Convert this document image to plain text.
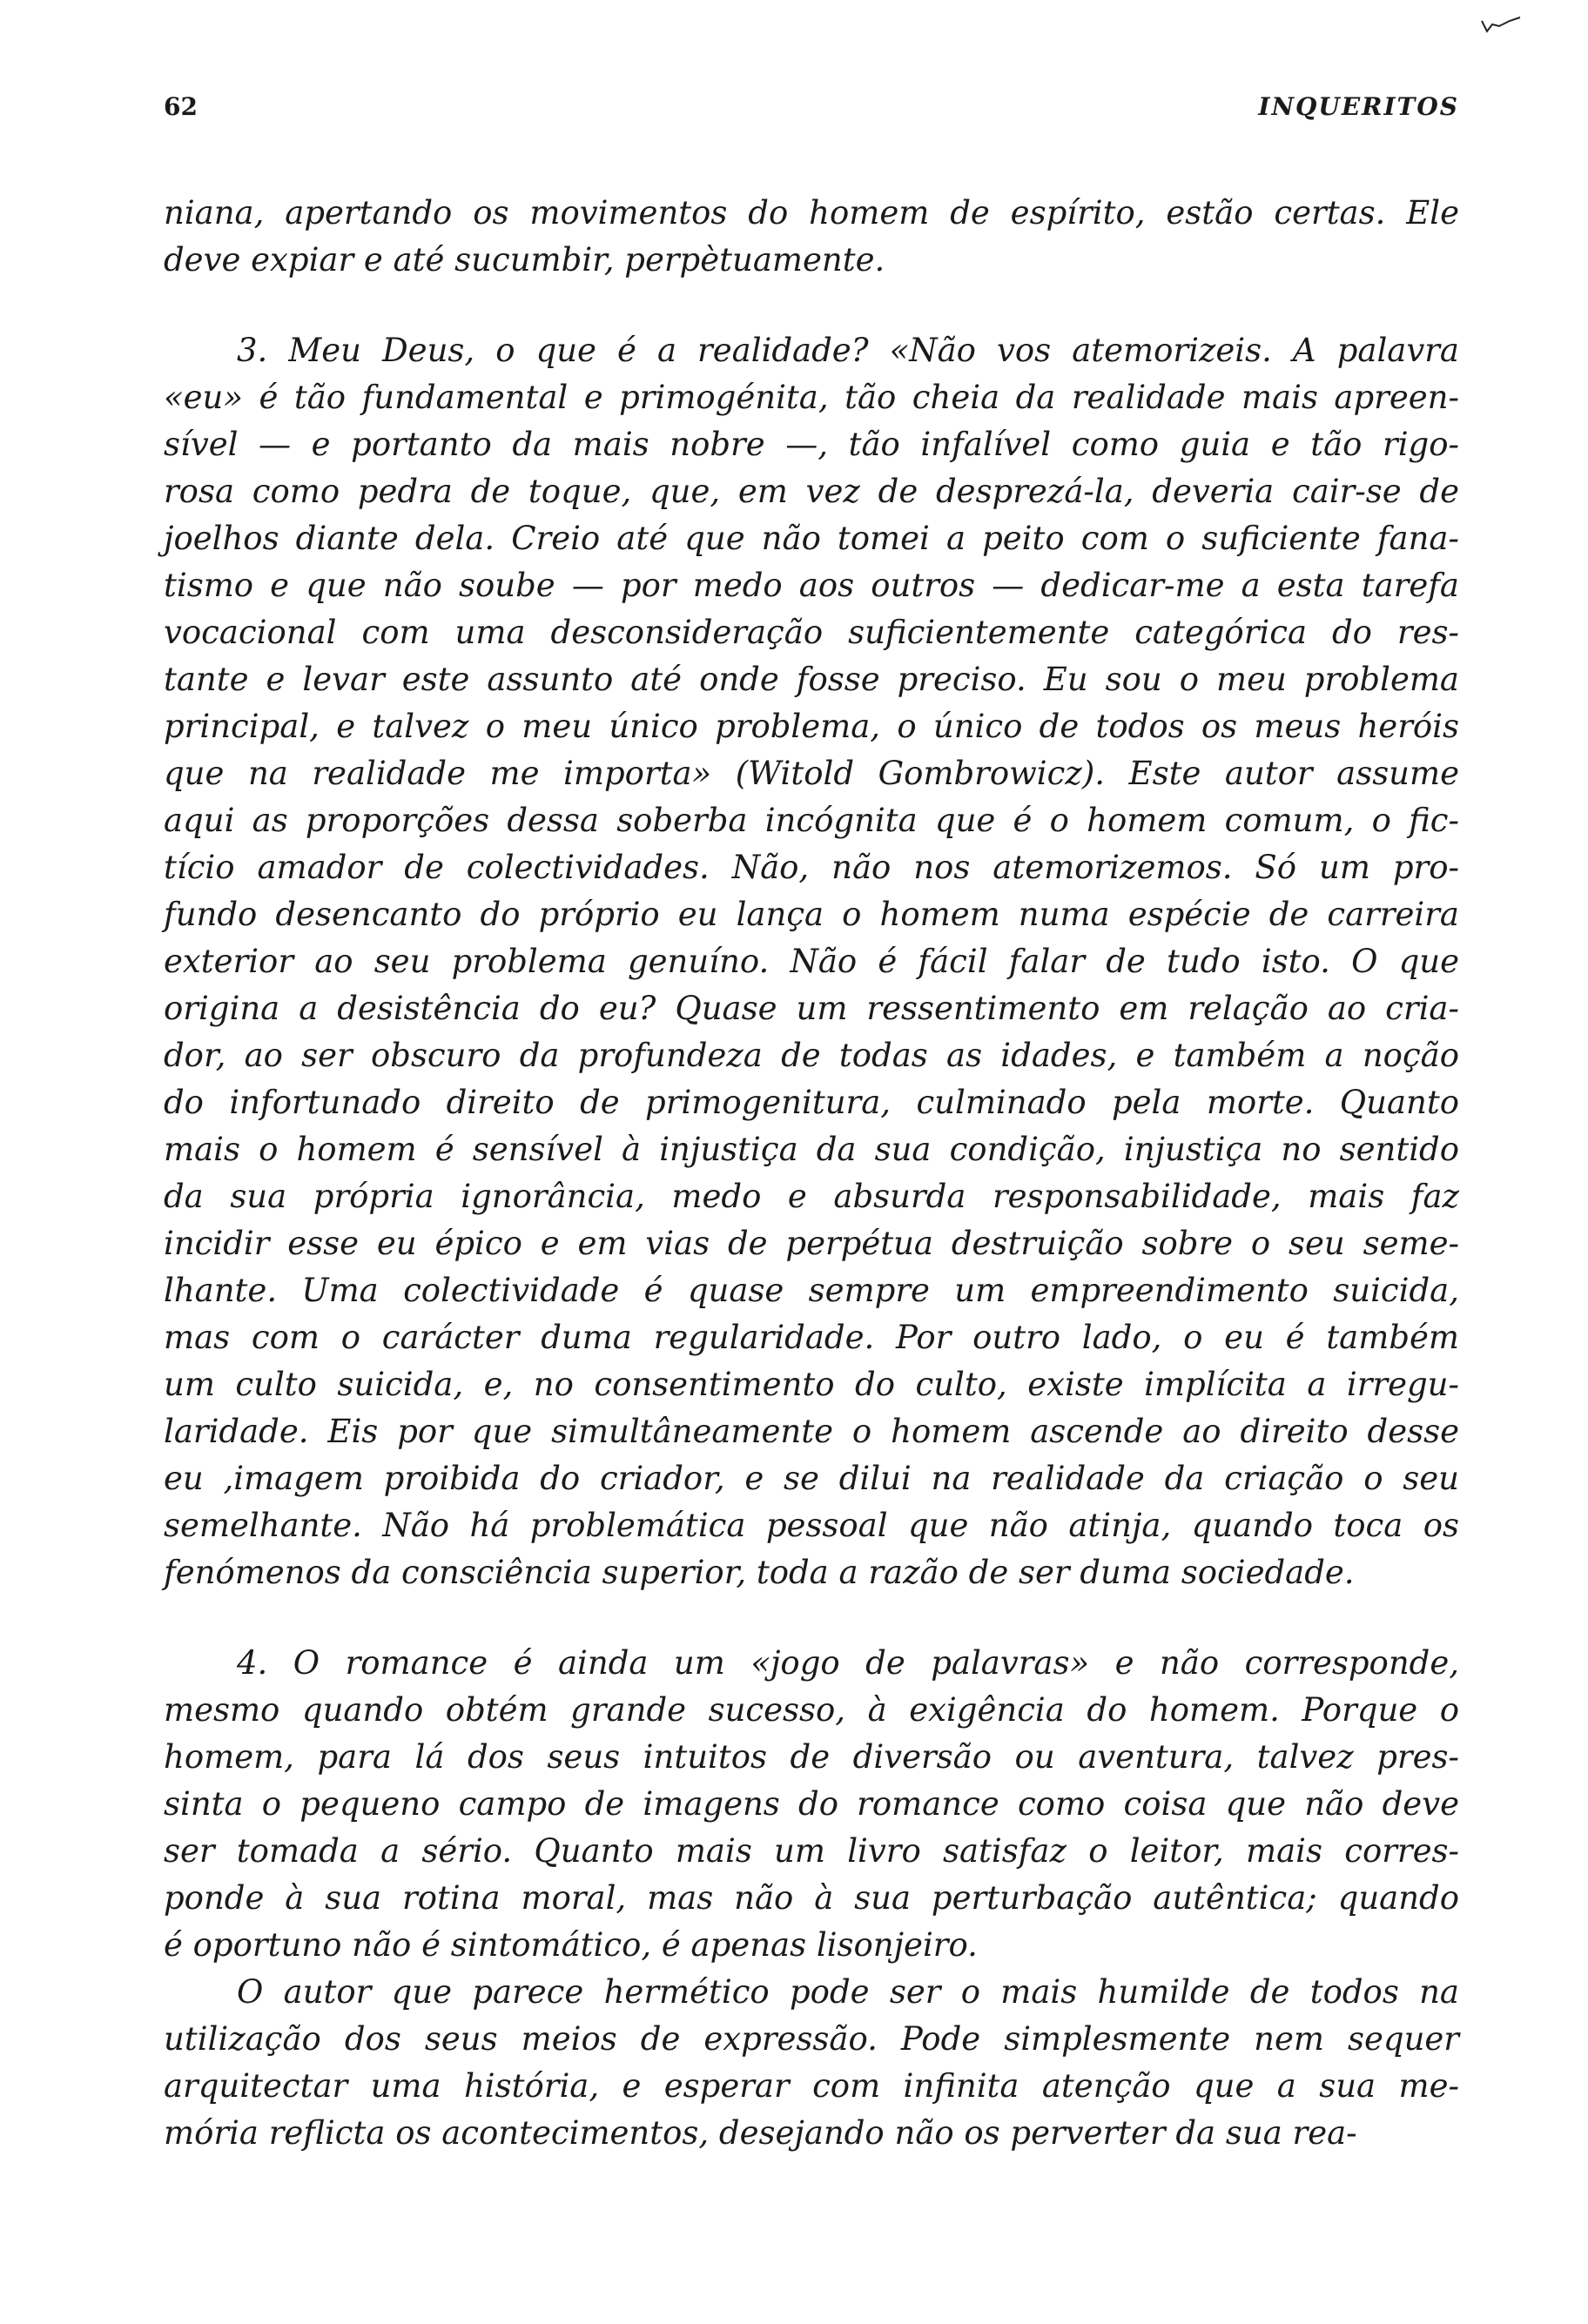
62	INQUERITOS
niana, apertando os movimentos do homem de espírito, estão certas. Ele
deve expiar e até sucumbir, perpètuamente.
3. Meu Deus, o que é a realidade? «Não vos atemorizeis. A palavra
«eu» é tão fundamental e primogénita, tão cheia da realidade mais apreen-
sível — e portanto da mais nobre —, tão infalível como guia e tão rigo-
rosa como pedra de toque, que, em vez de desprezá-la, deveria cair-se de
joelhos diante dela. Creio até que não tomei a peito com o suficiente fana-
tismo e que não soube — por medo aos outros — dedicar-me a esta tarefa
vocacional com uma desconsideração suficientemente categórica do res-
tante e levar este assunto até onde fosse preciso. Eu sou o meu problema
principal, e talvez o meu único problema, o único de todos os meus heróis
que na realidade me importa» (Witold Gombrowicz). Este autor assume
aqui as proporções dessa soberba incógnita que é o homem comum, o fic-
tício amador de colectividades. Não, não nos atemorizemos. Só um pro-
fundo desencanto do próprio eu lança o homem numa espécie de carreira
exterior ao seu problema genuíno. Não é fácil falar de tudo isto. O que
origina a desistência do eu? Quase um ressentimento em relação ao cria-
dor, ao ser obscuro da profundeza de todas as idades, e também a noção
do infortunado direito de primogenitura, culminado pela morte. Quanto
mais o homem é sensível à injustiça da sua condição, injustiça no sentido
da sua própria ignorância, medo e absurda responsabilidade, mais faz
incidir esse eu épico e em vias de perpétua destruição sobre o seu seme-
lhante. Uma colectividade é quase sempre um empreendimento suicida,
mas com o carácter duma regularidade. Por outro lado, o eu é também
um culto suicida, e, no consentimento do culto, existe implícita a irregu-
laridade. Eis por que simultâneamente o homem ascende ao direito desse
eu ,imagem proibida do criador, e se dilui na realidade da criação o seu
semelhante. Não há problemática pessoal que não atinja, quando toca os
fenómenos da consciência superior, toda a razão de ser duma sociedade.
4. O romance é ainda um «jogo de palavras» e não corresponde,
mesmo quando obtém grande sucesso, à exigência do homem. Porque o
homem, para lá dos seus intuitos de diversão ou aventura, talvez pres-
sinta o pequeno campo de imagens do romance como coisa que não deve
ser tomada a sério. Quanto mais um livro satisfaz o leitor, mais corres-
ponde à sua rotina moral, mas não à sua perturbação autêntica; quando
é oportuno não é sintomático, é apenas lisonjeiro.
O autor que parece hermético pode ser o mais humilde de todos na
utilização dos seus meios de expressão. Pode simplesmente nem sequer
arquitectar uma história, e esperar com infinita atenção que a sua me-
mória reflicta os acontecimentos, desejando não os perverter da sua rea-
